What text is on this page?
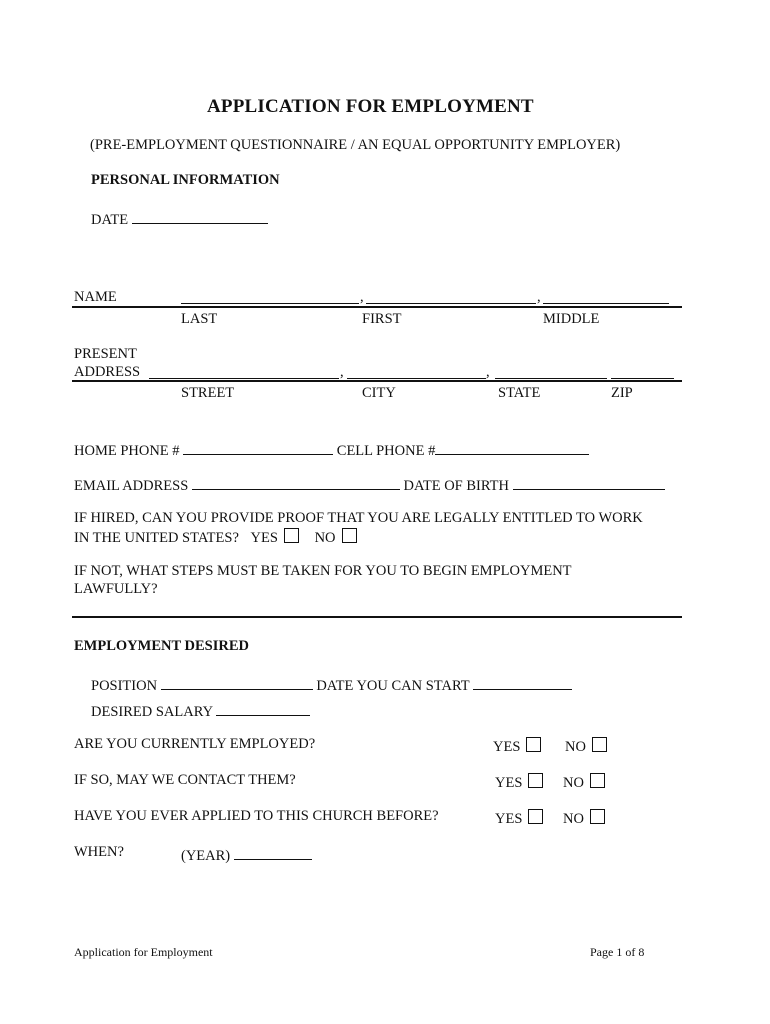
APPLICATION FOR EMPLOYMENT
(PRE-EMPLOYMENT QUESTIONNAIRE / AN EQUAL OPPORTUNITY EMPLOYER)
PERSONAL INFORMATION
DATE
NAME	,	,
LAST	FIRST	MIDDLE
PRESENT
ADDRESS	,	,
STREET	CITY	STATE	ZIP
HOME PHONE #	CELL PHONE #
EMAIL ADDRESS	DATE OF BIRTH
IF HIRED, CAN YOU PROVIDE PROOF THAT YOU ARE LEGALLY ENTITLED TO WORK
IN THE UNITED STATES? YES	NO
IF NOT, WHAT STEPS MUST BE TAKEN FOR YOU TO BEGIN EMPLOYMENT
LAWFULLY?
EMPLOYMENT DESIRED
POSITION	DATE YOU CAN START
DESIRED SALARY
ARE YOU CURRENTLY EMPLOYED?	YES	NO
IF SO, MAY WE CONTACT THEM?	YES	NO
HAVE YOU EVER APPLIED TO THIS CHURCH BEFORE?	YES	NO
WHEN?	(YEAR)
Application for Employment	Page 1 of 8
